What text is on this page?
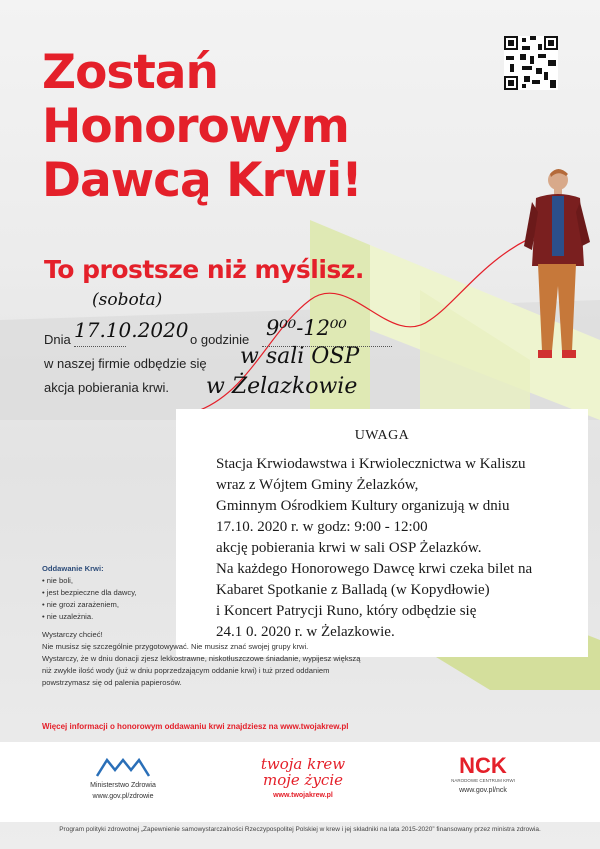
Zostań
Honorowym
Dawcą Krwi!
To prostsze niż myślisz.
Dnia	o godzinie
w naszej firmie odbędzie się
akcja pobierania krwi.
(sobota)
17.10.2020	9⁰⁰-12⁰⁰
w sali OSP
w Żelazkowie
UWAGA
Stacja Krwiodawstwa i Krwiolecznictwa w Kaliszu
wraz z Wójtem Gminy Żelazków,
Gminnym Ośrodkiem Kultury organizują w dniu
17.10. 2020 r. w godz: 9:00 - 12:00
akcję pobierania krwi w sali OSP Żelazków.
Na każdego Honorowego Dawcę krwi czeka bilet na
Kabaret Spotkanie z Balladą (w Kopydłowie)
i Koncert Patrycji Runo, który odbędzie się
24.1 0. 2020 r. w Żelazkowie.
Oddawanie Krwi:
• nie boli,
• jest bezpieczne dla dawcy,
• nie grozi zarażeniem,
• nie uzależnia.
Wystarczy chcieć!
Nie musisz się szczególnie przygotowywać. Nie musisz znać swojej grupy krwi.
Wystarczy, że w dniu donacji zjesz lekkostrawne, niskotłuszczowe śniadanie, wypijesz większą
niż zwykle ilość wody (już w dniu poprzedzającym oddanie krwi) i tuż przed oddaniem
powstrzymasz się od palenia papierosów.
Więcej informacji o honorowym oddawaniu krwi znajdziesz na www.twojakrew.pl
Ministerstwo Zdrowia
www.gov.pl/zdrowie
twoja krew
moje życie
www.twojakrew.pl
NCK
NARODOWE CENTRUM KRWI
www.gov.pl/nck
Program polityki zdrowotnej „Zapewnienie samowystarczalności Rzeczypospolitej Polskiej w krew i jej składniki na lata 2015-2020” finansowany przez ministra zdrowia.
